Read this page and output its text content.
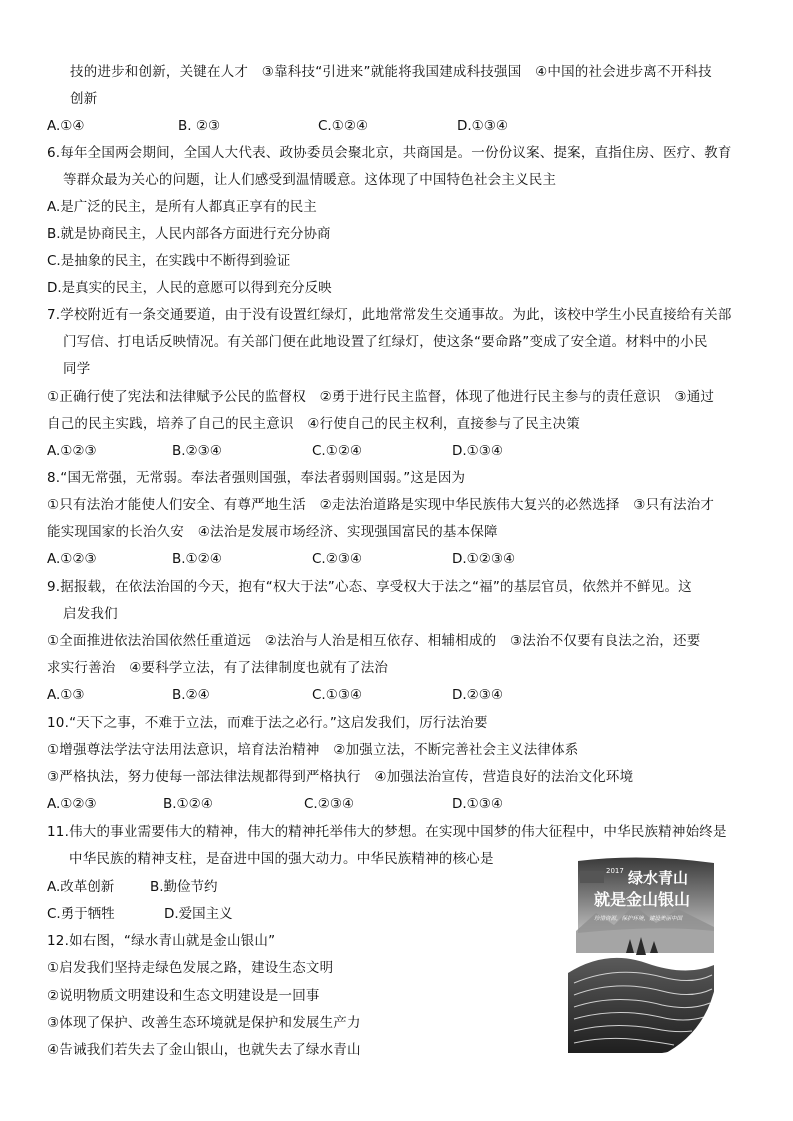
技的进步和创新，关键在人才　③靠科技“引进来”就能将我国建成科技强国　④中国的社会进步离不开科技
创新
A.①④	B. ②③	C.①②④	D.①③④
6.每年全国两会期间，全国人大代表、政协委员会聚北京，共商国是。一份份议案、提案，直指住房、医疗、教育
等群众最为关心的问题，让人们感受到温情暖意。这体现了中国特色社会主义民主
A.是广泛的民主，是所有人都真正享有的民主
B.就是协商民主，人民内部各方面进行充分协商
C.是抽象的民主，在实践中不断得到验证
D.是真实的民主，人民的意愿可以得到充分反映
7.学校附近有一条交通要道，由于没有设置红绿灯，此地常常发生交通事故。为此，该校中学生小民直接给有关部
门写信、打电话反映情况。有关部门便在此地设置了红绿灯，使这条“要命路”变成了安全道。材料中的小民
同学
①正确行使了宪法和法律赋予公民的监督权　②勇于进行民主监督，体现了他进行民主参与的责任意识　③通过
自己的民主实践，培养了自己的民主意识　④行使自己的民主权利，直接参与了民主决策
A.①②③	B.②③④	C.①②④	D.①③④
8.“国无常强，无常弱。奉法者强则国强，奉法者弱则国弱。”这是因为
①只有法治才能使人们安全、有尊严地生活　②走法治道路是实现中华民族伟大复兴的必然选择　③只有法治才
能实现国家的长治久安　④法治是发展市场经济、实现强国富民的基本保障
A.①②③	B.①②④	C.②③④	D.①②③④
9.据报载，在依法治国的今天，抱有“权大于法”心态、享受权大于法之“福”的基层官员，依然并不鲜见。这
启发我们
①全面推进依法治国依然任重道远　②法治与人治是相互依存、相辅相成的　③法治不仅要有良法之治，还要
求实行善治　④要科学立法，有了法律制度也就有了法治
A.①③	B.②④	C.①③④	D.②③④
10.“天下之事，不难于立法，而难于法之必行。”这启发我们，厉行法治要
①增强尊法学法守法用法意识，培育法治精神　②加强立法，不断完善社会主义法律体系
③严格执法，努力使每一部法律法规都得到严格执行　④加强法治宣传，营造良好的法治文化环境
A.①②③	B.①②④	C.②③④	D.①③④
11.伟大的事业需要伟大的精神，伟大的精神托举伟大的梦想。在实现中国梦的伟大征程中，中华民族精神始终是
中华民族的精神支柱，是奋进中国的强大动力。中华民族精神的核心是
A.改革创新	B.勤俭节约
C.勇于牺牲	D.爱国主义
12.如右图，“绿水青山就是金山银山”
①启发我们坚持走绿色发展之路，建设生态文明
②说明物质文明建设和生态文明建设是一回事
③体现了保护、改善生态环境就是保护和发展生产力
④告诫我们若失去了金山银山，也就失去了绿水青山
2017 绿水青山
就是金山银山
珍惜资源，保护环境，建设美丽中国
